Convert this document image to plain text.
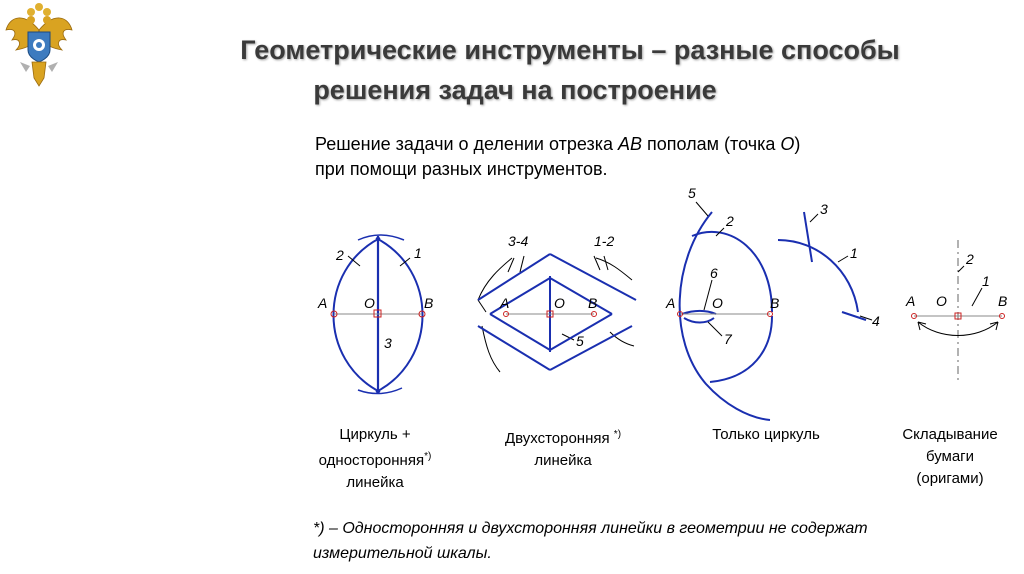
Геометрические инструменты – разные способы
решения задач на построение
Решение задачи о делении отрезка AB пополам (точка O)
при помощи разных инструментов.
2	1
3
A	O	B
3-4	1-2
A	O B
5
5
2
3
1
4
6
7
A	O	B
2
1
A O	B
Циркуль +
односторонняя*)
линейка
Двухсторонняя *)
линейка
Только циркуль	Складывание
бумаги
(оригами)
*) – Односторонняя и двухсторонняя линейки в геометрии не содержат
измерительной шкалы.
